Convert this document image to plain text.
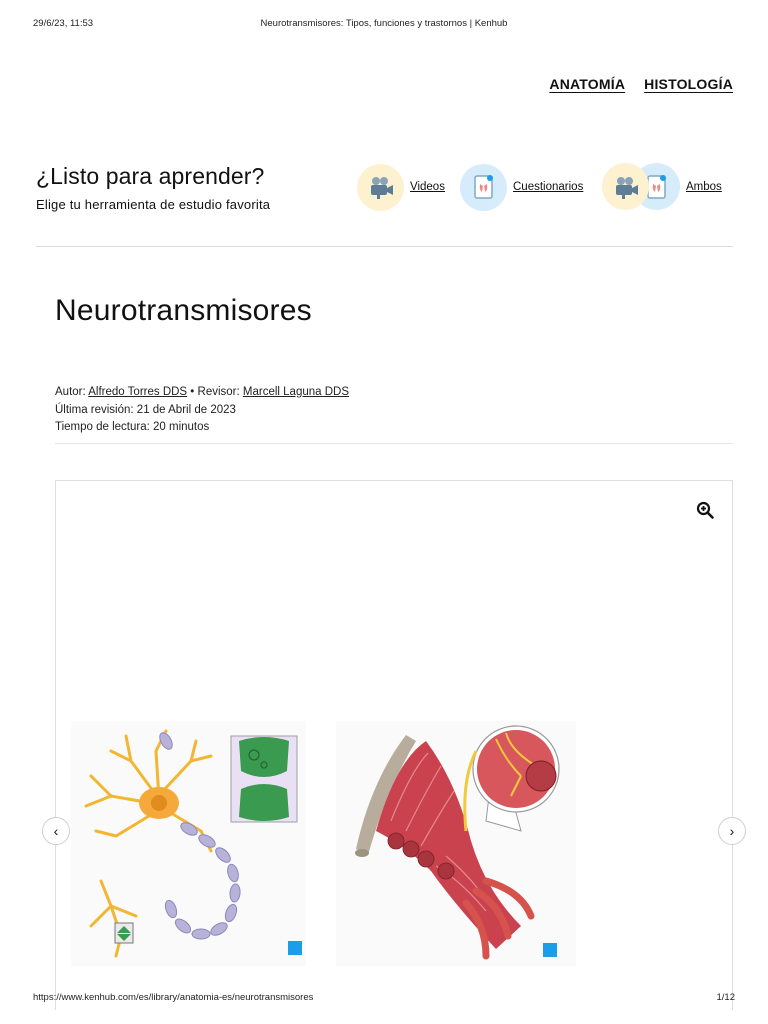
29/6/23, 11:53	Neurotransmisores: Tipos, funciones y trastornos | Kenhub
ANATOMÍA HISTOLOGÍA
¿Listo para aprender?
Elige tu herramienta de estudio favorita
Videos	Cuestionarios	Ambos
Neurotransmisores
Autor: Alfredo Torres DDS • Revisor: Marcell Laguna DDS
Última revisión: 21 de Abril de 2023
Tiempo de lectura: 20 minutos
‹	›
https://www.kenhub.com/es/library/anatomia-es/neurotransmisores	1/12
